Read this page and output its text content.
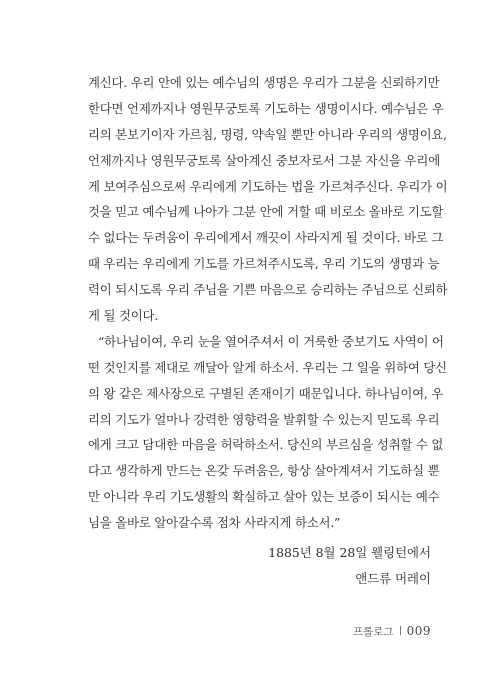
계신다. 우리 안에 있는 예수님의 생명은 우리가 그분을 신뢰하기만
한다면 언제까지나 영원무궁토록 기도하는 생명이시다. 예수님은 우
리의 본보기이자 가르침, 명령, 약속일 뿐만 아니라 우리의 생명이요,
언제까지나 영원무궁토록 살아계신 중보자로서 그분 자신을 우리에
게 보여주심으로써 우리에게 기도하는 법을 가르쳐주신다. 우리가 이
것을 믿고 예수님께 나아가 그분 안에 거할 때 비로소 올바로 기도할
수 없다는 두려움이 우리에게서 깨끗이 사라지게 될 것이다. 바로 그
때 우리는 우리에게 기도를 가르쳐주시도록, 우리 기도의 생명과 능
력이 되시도록 우리 주님을 기쁜 마음으로 승리하는 주님으로 신뢰하
게 될 것이다.
“하나님이여, 우리 눈을 열어주셔서 이 거룩한 중보기도 사역이 어
떤 것인지를 제대로 깨달아 알게 하소서. 우리는 그 일을 위하여 당신
의 왕 같은 제사장으로 구별된 존재이기 때문입니다. 하나님이여, 우
리의 기도가 얼마나 강력한 영향력을 발휘할 수 있는지 믿도록 우리
에게 크고 담대한 마음을 허락하소서. 당신의 부르심을 성취할 수 없
다고 생각하게 만드는 온갖 두려움은, 항상 살아계셔서 기도하실 뿐
만 아니라 우리 기도생활의 확실하고 살아 있는 보증이 되시는 예수
님을 올바로 알아갈수록 점차 사라지게 하소서.”
1885년 8월 28일 웰링턴에서
앤드류 머레이
프롤로그 009
